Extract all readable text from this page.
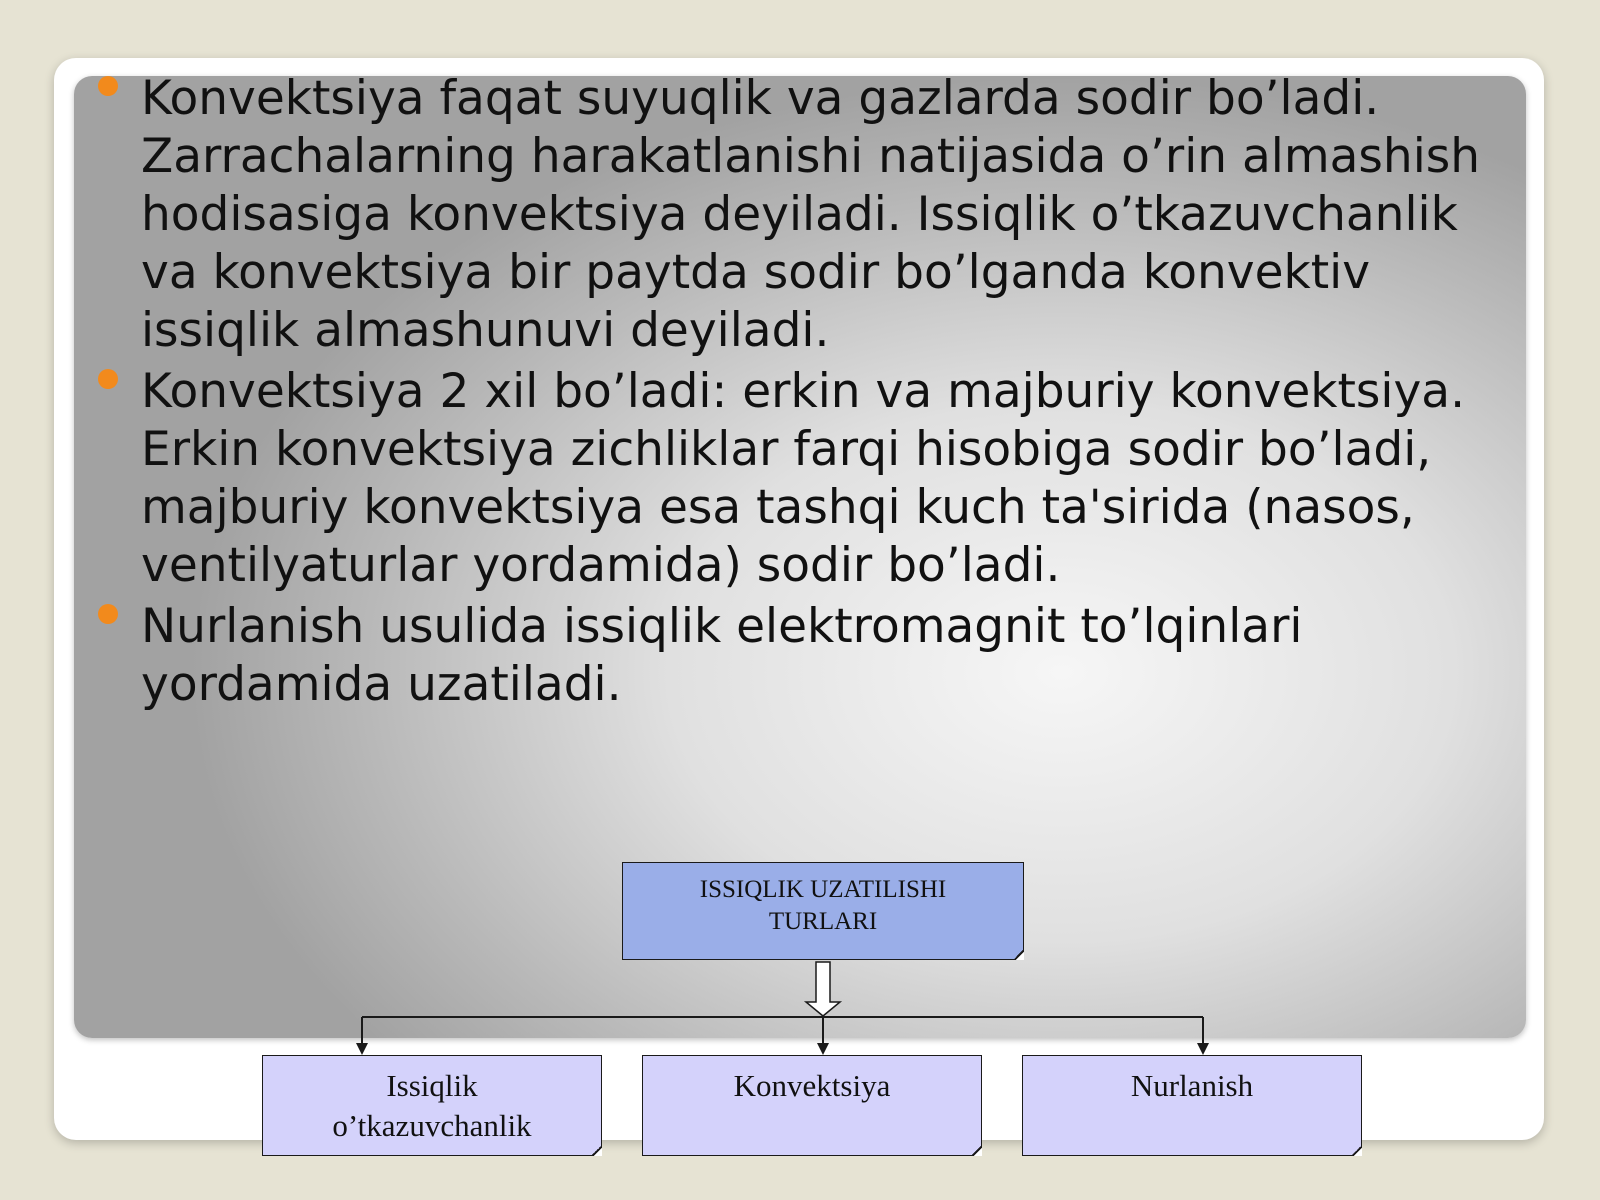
Konvektsiya faqat suyuqlik va gazlarda sodir bo’ladi. Zarrachalarning harakatlanishi natijasida o’rin almashish hodisasiga konvektsiya deyiladi. Issiqlik o’tkazuvchanlik va konvektsiya bir paytda sodir bo’lganda konvektiv issiqlik almashunuvi deyiladi.
Konvektsiya 2 xil bo’ladi: erkin va majburiy konvektsiya. Erkin konvektsiya zichliklar farqi hisobiga sodir bo’ladi, majburiy konvektsiya esa tashqi kuch ta'sirida (nasos, ventilyaturlar yordamida) sodir bo’ladi.
Nurlanish usulida issiqlik elektromagnit to’lqinlari yordamida uzatiladi.
ISSIQLIK UZATILISHI
TURLARI
Issiqlik
o’tkazuvchanlik
Konvektsiya	Nurlanish
